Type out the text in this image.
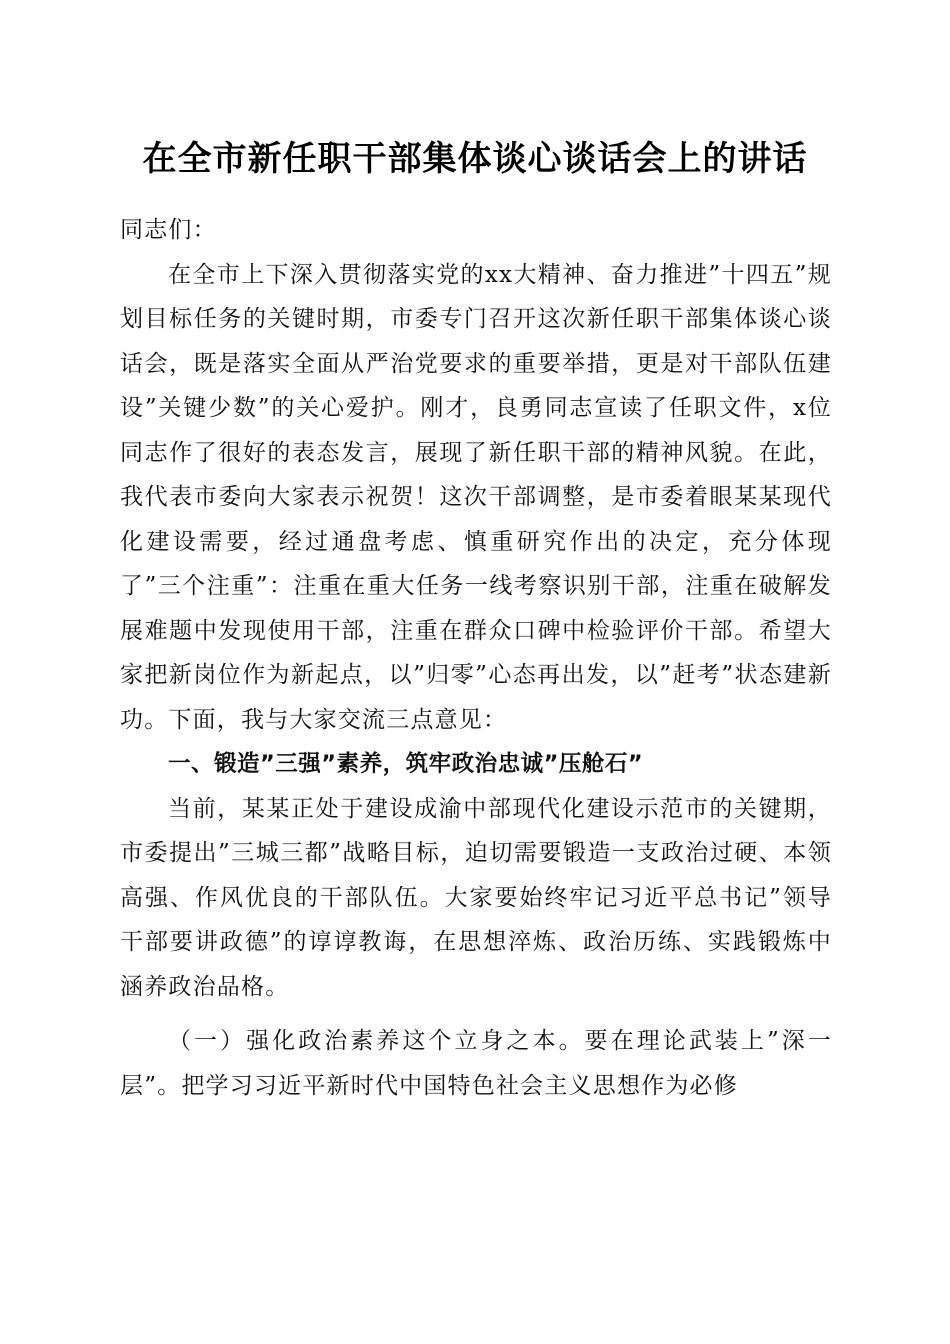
在全市新任职干部集体谈心谈话会上的讲话

同志们：

在全市上下深入贯彻落实党的xx大精神、奋力推进”十四五”规划目标任务的关键时期，市委专门召开这次新任职干部集体谈心谈话会，既是落实全面从严治党要求的重要举措，更是对干部队伍建设”关键少数”的关心爱护。刚才，良勇同志宣读了任职文件，x位同志作了很好的表态发言，展现了新任职干部的精神风貌。在此，我代表市委向大家表示祝贺！这次干部调整，是市委着眼某某现代化建设需要，经过通盘考虑、慎重研究作出的决定，充分体现了”三个注重”：注重在重大任务一线考察识别干部，注重在破解发展难题中发现使用干部，注重在群众口碑中检验评价干部。希望大家把新岗位作为新起点，以”归零”心态再出发，以”赶考”状态建新功。下面，我与大家交流三点意见：

一、锻造”三强”素养，筑牢政治忠诚”压舱石”

当前，某某正处于建设成渝中部现代化建设示范市的关键期，市委提出”三城三都”战略目标，迫切需要锻造一支政治过硬、本领高强、作风优良的干部队伍。大家要始终牢记习近平总书记”领导干部要讲政德”的谆谆教诲，在思想淬炼、政治历练、实践锻炼中涵养政治品格。

（一）强化政治素养这个立身之本。要在理论武装上”深一层”。把学习习近平新时代中国特色社会主义思想作为必修
